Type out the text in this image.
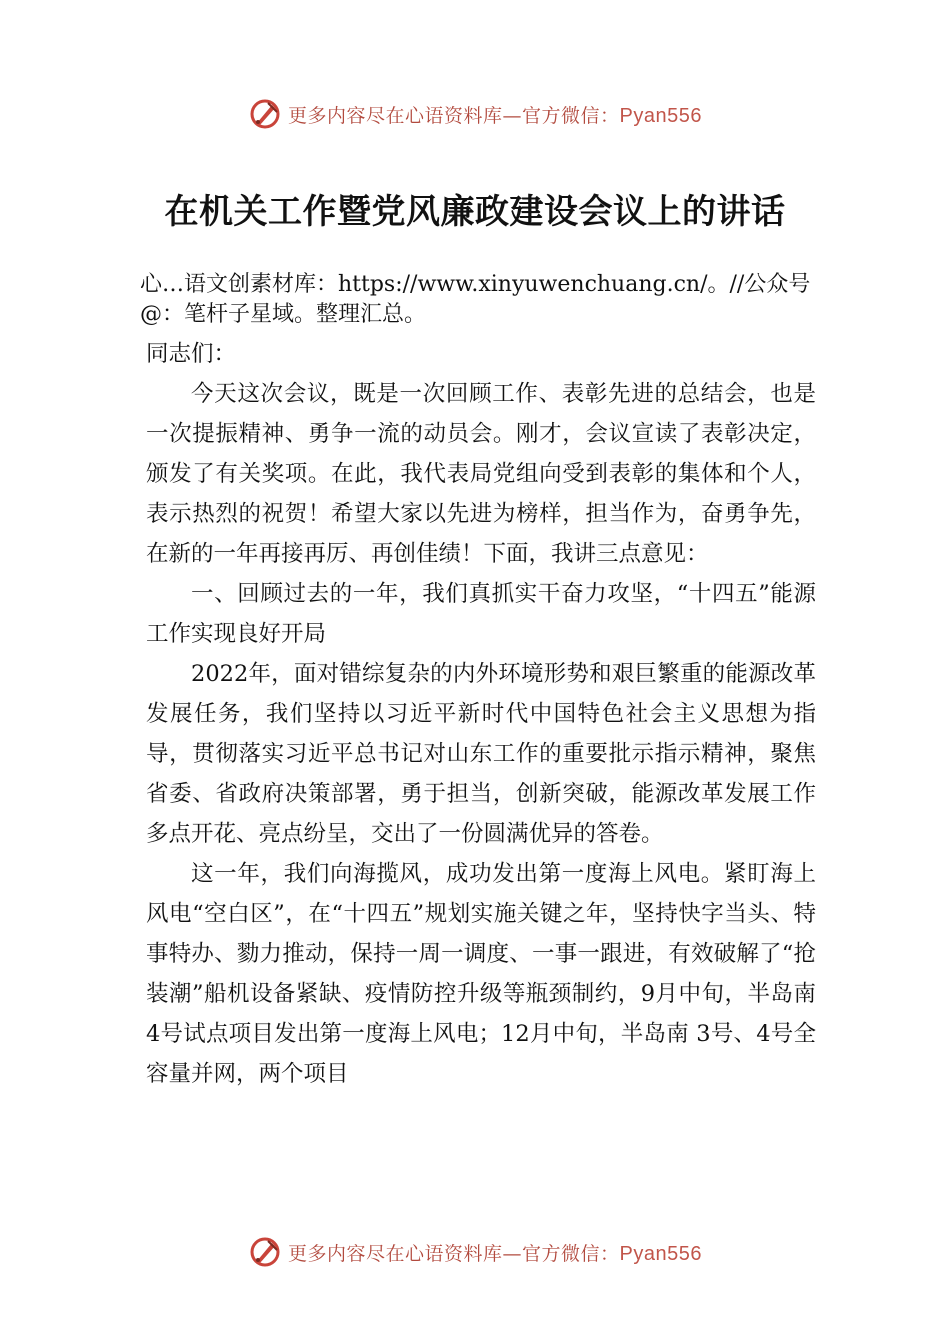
更多内容尽在心语资料库—官方微信：Pyan556
在机关工作暨党风廉政建设会议上的讲话
心…语文创素材库：https://www.xinyuwenchuang.cn/。//公众号@：笔杆子星域。整理汇总。

同志们：

今天这次会议，既是一次回顾工作、表彰先进的总结会，也是一次提振精神、勇争一流的动员会。刚才，会议宣读了表彰决定，颁发了有关奖项。在此，我代表局党组向受到表彰的集体和个人，表示热烈的祝贺！希望大家以先进为榜样，担当作为，奋勇争先，在新的一年再接再厉、再创佳绩！下面，我讲三点意见：

一、回顾过去的一年，我们真抓实干奋力攻坚，“十四五”能源工作实现良好开局

2022年，面对错综复杂的内外环境形势和艰巨繁重的能源改革发展任务，我们坚持以习近平新时代中国特色社会主义思想为指导，贯彻落实习近平总书记对山东工作的重要批示指示精神，聚焦省委、省政府决策部署，勇于担当，创新突破，能源改革发展工作多点开花、亮点纷呈，交出了一份圆满优异的答卷。

这一年，我们向海揽风，成功发出第一度海上风电。紧盯海上风电“空白区”，在“十四五”规划实施关键之年，坚持快字当头、特事特办、勠力推动，保持一周一调度、一事一跟进，有效破解了“抢装潮”船机设备紧缺、疫情防控升级等瓶颈制约，9月中旬，半岛南 4号试点项目发出第一度海上风电；12月中旬，半岛南 3号、4号全容量并网，两个项目

更多内容尽在心语资料库—官方微信：Pyan556
